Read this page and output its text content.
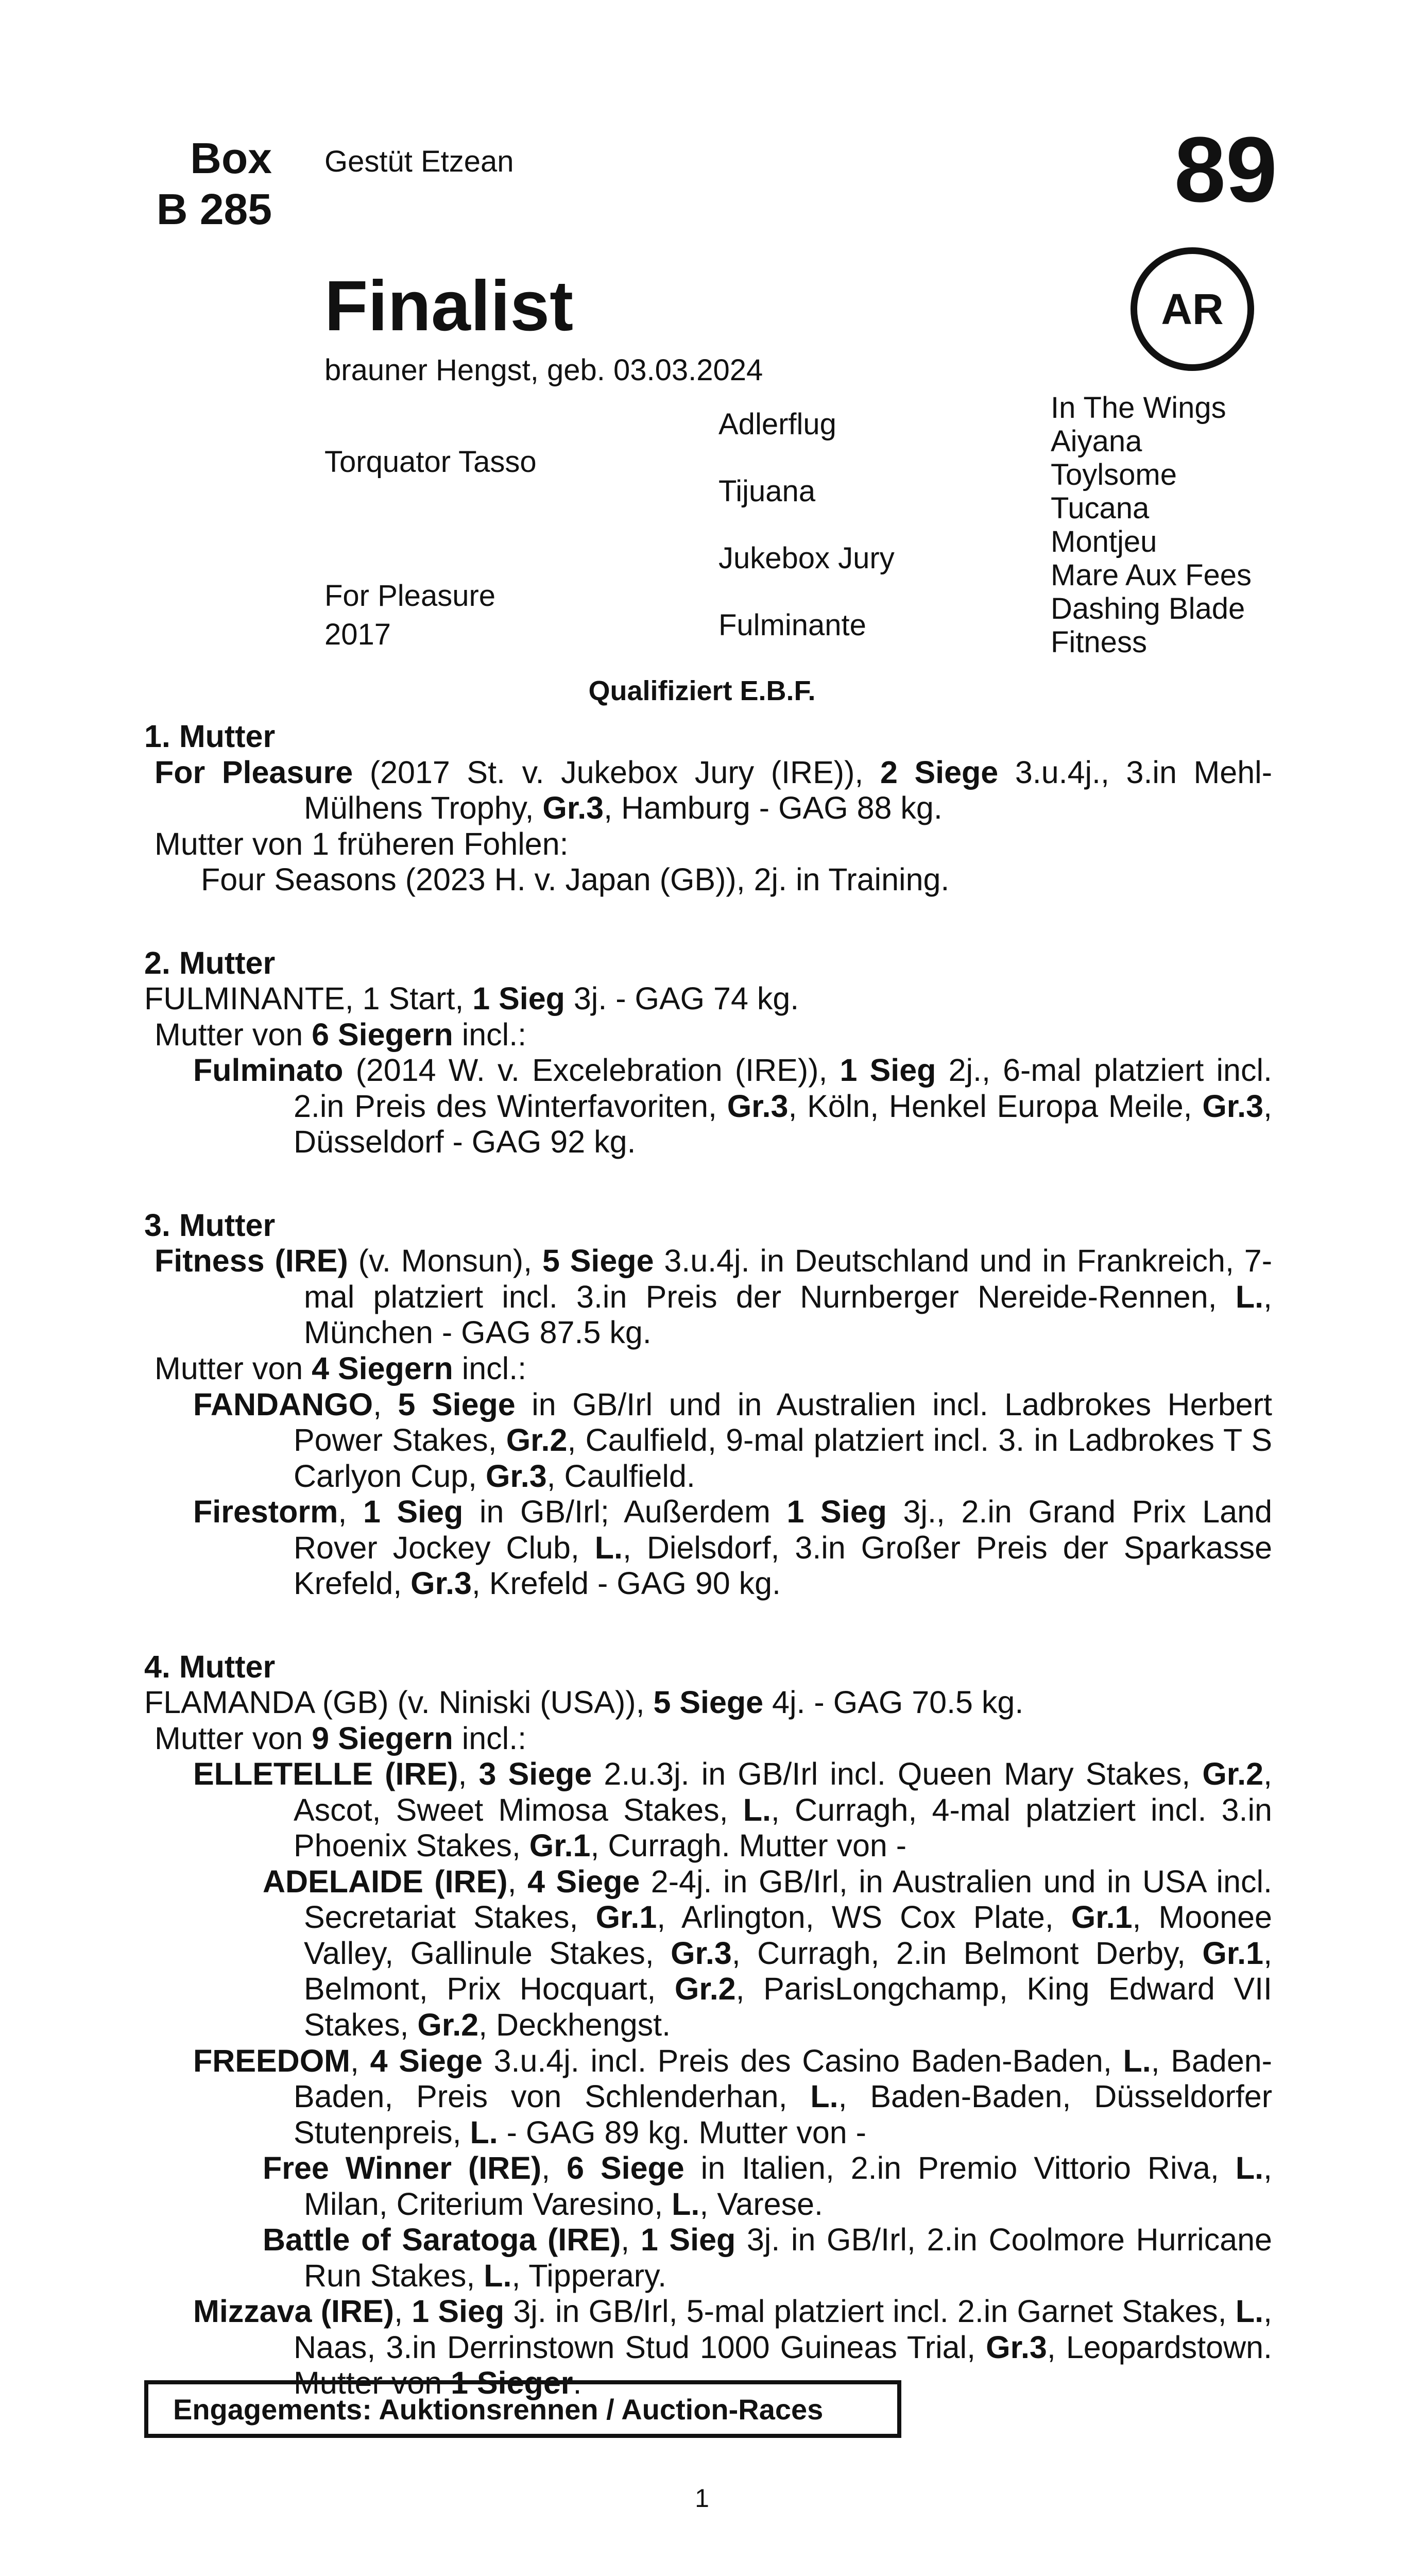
Box
B 285
Gestüt Etzean	89
AR
Finalist
brauner Hengst, geb. 03.03.2024
Torquator Tasso
For Pleasure
2017
Adlerflug
Tijuana
Jukebox Jury
Fulminante
In The Wings
Aiyana
Toylsome
Tucana
Montjeu
Mare Aux Fees
Dashing Blade
Fitness
Qualifiziert E.B.F.
1. Mutter
For Pleasure (2017 St. v. Jukebox Jury (IRE)), 2 Siege 3.u.4j., 3.in Mehl-Mülhens Trophy, Gr.3, Hamburg - GAG 88 kg.
Mutter von 1 früheren Fohlen:
Four Seasons (2023 H. v. Japan (GB)), 2j. in Training.
2. Mutter
FULMINANTE, 1 Start, 1 Sieg 3j. - GAG 74 kg.
Mutter von 6 Siegern incl.:
Fulminato (2014 W. v. Excelebration (IRE)), 1 Sieg 2j., 6-mal platziert incl. 2.in Preis des Winterfavoriten, Gr.3, Köln, Henkel Europa Meile, Gr.3, Düsseldorf - GAG 92 kg.
3. Mutter
Fitness (IRE) (v. Monsun), 5 Siege 3.u.4j. in Deutschland und in Frankreich, 7-mal platziert incl. 3.in Preis der Nurnberger Nereide-Rennen, L., München - GAG 87.5 kg.
Mutter von 4 Siegern incl.:
FANDANGO, 5 Siege in GB/Irl und in Australien incl. Ladbrokes Herbert Power Stakes, Gr.2, Caulfield, 9-mal platziert incl. 3. in Ladbrokes T S Carlyon Cup, Gr.3, Caulfield.
Firestorm, 1 Sieg in GB/Irl; Außerdem 1 Sieg 3j., 2.in Grand Prix Land Rover Jockey Club, L., Dielsdorf, 3.in Großer Preis der Sparkasse Krefeld, Gr.3, Krefeld - GAG 90 kg.
4. Mutter
FLAMANDA (GB) (v. Niniski (USA)), 5 Siege 4j. - GAG 70.5 kg.
Mutter von 9 Siegern incl.:
ELLETELLE (IRE), 3 Siege 2.u.3j. in GB/Irl incl. Queen Mary Stakes, Gr.2, Ascot, Sweet Mimosa Stakes, L., Curragh, 4-mal platziert incl. 3.in Phoenix Stakes, Gr.1, Curragh. Mutter von -
ADELAIDE (IRE), 4 Siege 2-4j. in GB/Irl, in Australien und in USA incl. Secretariat Stakes, Gr.1, Arlington, WS Cox Plate, Gr.1, Moonee Valley, Gallinule Stakes, Gr.3, Curragh, 2.in Belmont Derby, Gr.1, Belmont, Prix Hocquart, Gr.2, ParisLongchamp, King Edward VII Stakes, Gr.2, Deckhengst.
FREEDOM, 4 Siege 3.u.4j. incl. Preis des Casino Baden-Baden, L., Baden-Baden, Preis von Schlenderhan, L., Baden-Baden, Düsseldorfer Stutenpreis, L. - GAG 89 kg. Mutter von -
Free Winner (IRE), 6 Siege in Italien, 2.in Premio Vittorio Riva, L., Milan, Criterium Varesino, L., Varese.
Battle of Saratoga (IRE), 1 Sieg 3j. in GB/Irl, 2.in Coolmore Hurricane Run Stakes, L., Tipperary.
Mizzava (IRE), 1 Sieg 3j. in GB/Irl, 5-mal platziert incl. 2.in Garnet Stakes, L., Naas, 3.in Derrinstown Stud 1000 Guineas Trial, Gr.3, Leopardstown. Mutter von 1 Sieger.
Engagements: Auktionsrennen / Auction-Races
1
